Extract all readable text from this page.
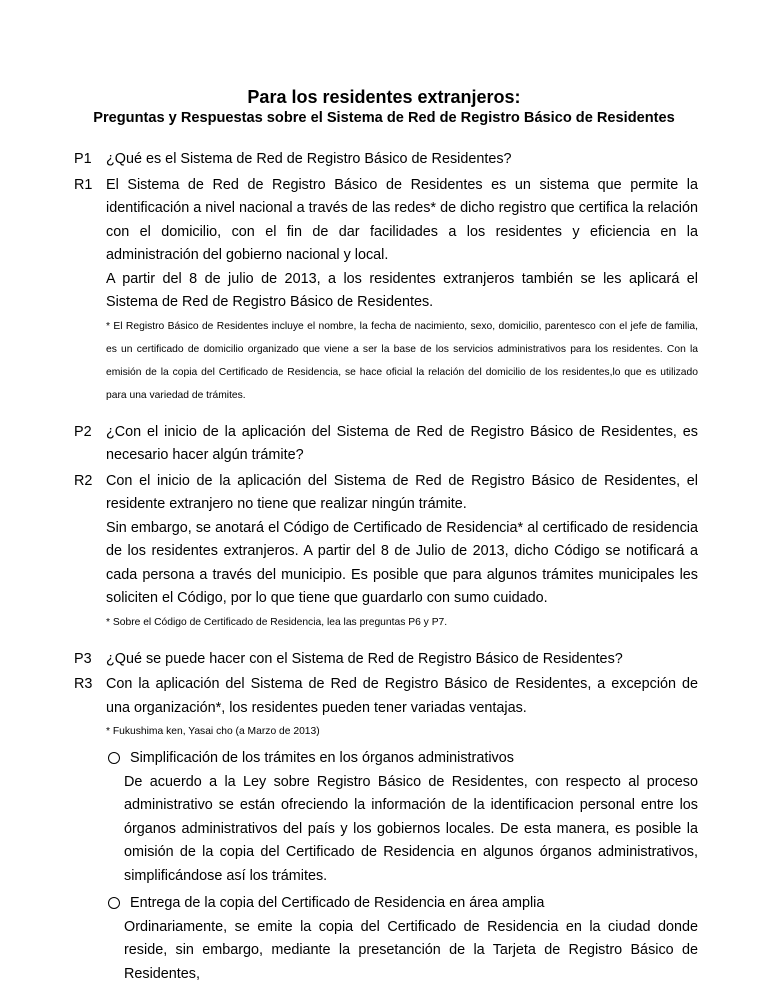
Para los residentes extranjeros:
Preguntas y Respuestas sobre el Sistema de Red de Registro Básico de Residentes
P1 ¿Qué es el Sistema de Red de Registro Básico de Residentes?

R1 El Sistema de Red de Registro Básico de Residentes es un sistema que permite la identificación a nivel nacional a través de las redes* de dicho registro que certifica la relación con el domicilio, con el fin de dar facilidades a los residentes y eficiencia en la administración del gobierno nacional y local.

A partir del 8 de julio de 2013, a los residentes extranjeros también se les aplicará el Sistema de Red de Registro Básico de Residentes.

* El Registro Básico de Residentes incluye el nombre, la fecha de nacimiento, sexo, domicilio, parentesco con el jefe de familia, es un certificado de domicilio organizado que viene a ser la base de los servicios administrativos para los residentes. Con la emisión de la copia del Certificado de Residencia, se hace oficial la relación del domicilio de los residentes,lo que es utilizado para una variedad de trámites.

P2 ¿Con el inicio de la aplicación del Sistema de Red de Registro Básico de Residentes, es necesario hacer algún trámite?

R2 Con el inicio de la aplicación del Sistema de Red de Registro Básico de Residentes, el residente extranjero no tiene que realizar ningún trámite.

Sin embargo, se anotará el Código de Certificado de Residencia* al certificado de residencia de los residentes extranjeros. A partir del 8 de Julio de 2013, dicho Código se notificará a cada persona a través del municipio. Es posible que para algunos trámites municipales les soliciten el Código, por lo que tiene que guardarlo con sumo cuidado.

* Sobre el Código de Certificado de Residencia, lea las preguntas P6 y P7.

P3 ¿Qué se puede hacer con el Sistema de Red de Registro Básico de Residentes?

R3 Con la aplicación del Sistema de Red de Registro Básico de Residentes, a excepción de una organización*, los residentes pueden tener variadas ventajas.

* Fukushima ken, Yasai cho (a Marzo de 2013)

Simplificación de los trámites en los órganos administrativos

De acuerdo a la Ley sobre Registro Básico de Residentes, con respecto al proceso administrativo se están ofreciendo la información de la identificacion personal entre los órganos administrativos del país y los gobiernos locales. De esta manera, es posible la omisión de la copia del Certificado de Residencia en algunos órganos administrativos, simplificándose así los trámites.

Entrega de la copia del Certificado de Residencia en área amplia

Ordinariamente, se emite la copia del Certificado de Residencia en la ciudad donde reside, sin embargo, mediante la presetanción de la Tarjeta de Registro Básico de Residentes,
